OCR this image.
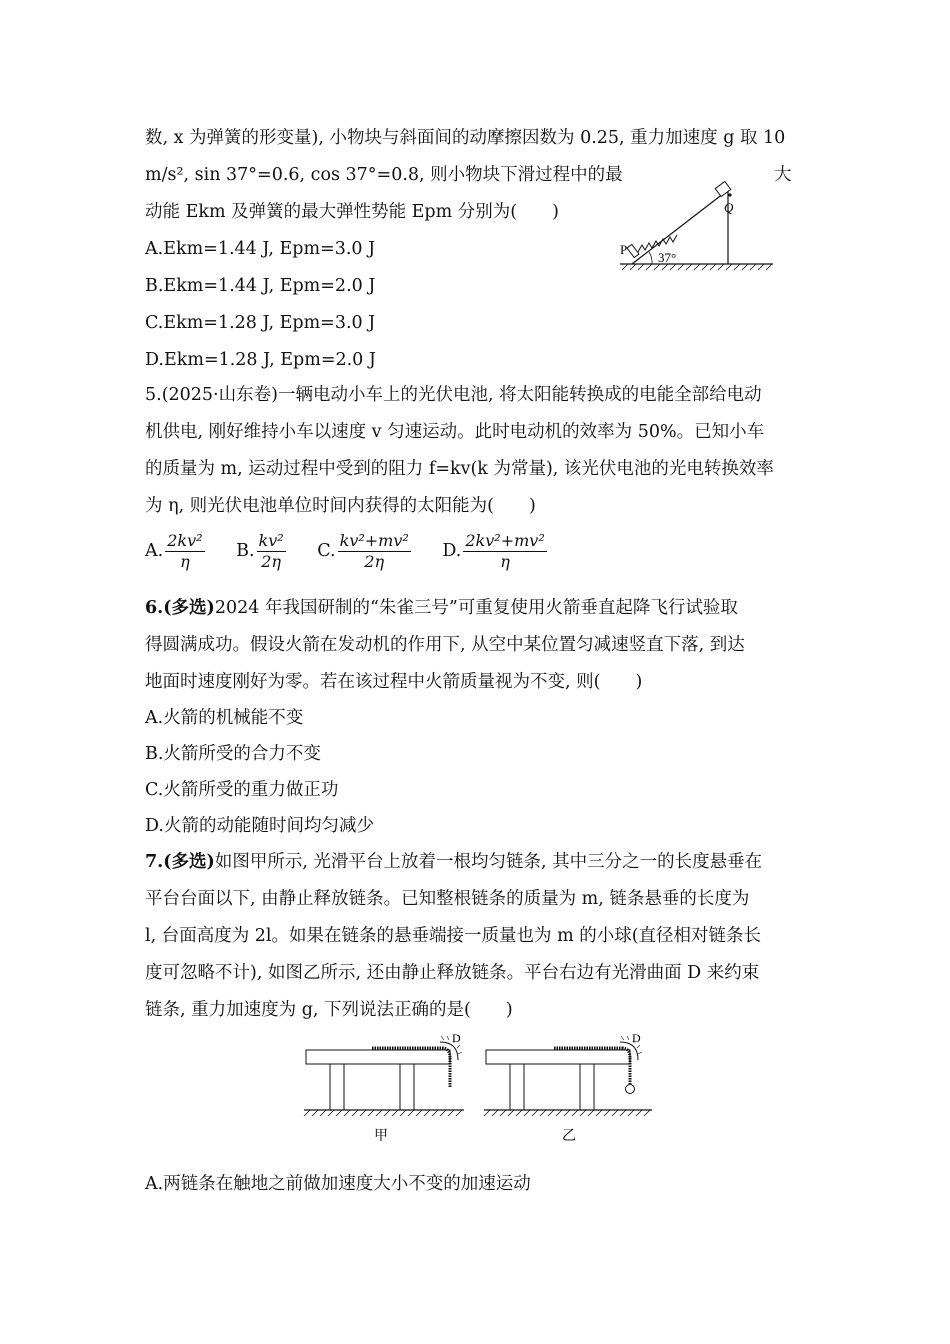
数, x 为弹簧的形变量), 小物块与斜面间的动摩擦因数为 0.25, 重力加速度 g 取 10
m/s², sin 37°=0.6, cos 37°=0.8, 则小物块下滑过程中的最	大
动能 Ekm 及弹簧的最大弹性势能 Epm 分别为(　　)
A.Ekm=1.44 J, Epm=3.0 J
B.Ekm=1.44 J, Epm=2.0 J
C.Ekm=1.28 J, Epm=3.0 J
D.Ekm=1.28 J, Epm=2.0 J
P
Q
37°
5.(2025·山东卷)一辆电动小车上的光伏电池, 将太阳能转换成的电能全部给电动
机供电, 刚好维持小车以速度 v 匀速运动。此时电动机的效率为 50%。已知小车
的质量为 m, 运动过程中受到的阻力 f=kv(k 为常量), 该光伏电池的光电转换效率
为 η, 则光伏电池单位时间内获得的太阳能为(　　)
A. $\frac{\text{2kv²}}{\eta} B$. $\frac{\text{kv²}}{2\eta} C$. $\frac{\text{kv²+mv²}}{2\eta} D$. $\frac{\text{2kv²+mv²}}{\eta}$
6.(多选)2024 年我国研制的“朱雀三号”可重复使用火箭垂直起降飞行试验取
得圆满成功。假设火箭在发动机的作用下, 从空中某位置匀减速竖直下落, 到达
地面时速度刚好为零。若在该过程中火箭质量视为不变, 则(　　)
A.火箭的机械能不变
B.火箭所受的合力不变
C.火箭所受的重力做正功
D.火箭的动能随时间均匀减少
7.(多选)如图甲所示, 光滑平台上放着一根均匀链条, 其中三分之一的长度悬垂在
平台台面以下, 由静止释放链条。已知整根链条的质量为 m, 链条悬垂的长度为
l, 台面高度为 2l。如果在链条的悬垂端接一质量也为 m 的小球(直径相对链条长
度可忽略不计), 如图乙所示, 还由静止释放链条。平台右边有光滑曲面 D 来约束
链条, 重力加速度为 g, 下列说法正确的是(　　)
D
甲
D
乙
A.两链条在触地之前做加速度大小不变的加速运动
